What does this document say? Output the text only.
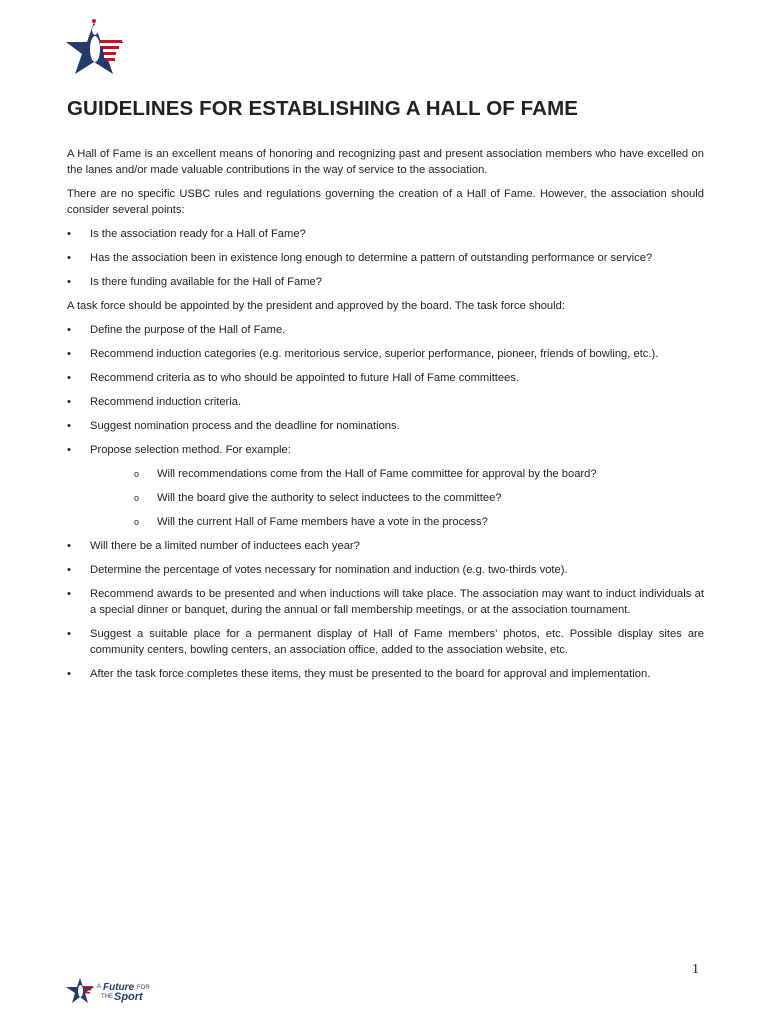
GUIDELINES FOR ESTABLISHING A HALL OF FAME

A Hall of Fame is an excellent means of honoring and recognizing past and present association members who have excelled on the lanes and/or made valuable contributions in the way of service to the association.

There are no specific USBC rules and regulations governing the creation of a Hall of Fame. However, the association should consider several points:

• Is the association ready for a Hall of Fame?
• Has the association been in existence long enough to determine a pattern of outstanding performance or service?
• Is there funding available for the Hall of Fame?

A task force should be appointed by the president and approved by the board. The task force should:

• Define the purpose of the Hall of Fame.
• Recommend induction categories (e.g. meritorious service, superior performance, pioneer, friends of bowling, etc.).
• Recommend criteria as to who should be appointed to future Hall of Fame committees.
• Recommend induction criteria.
• Suggest nomination process and the deadline for nominations.
• Propose selection method. For example:
o Will recommendations come from the Hall of Fame committee for approval by the board?
o Will the board give the authority to select inductees to the committee?
o Will the current Hall of Fame members have a vote in the process?
• Will there be a limited number of inductees each year?
• Determine the percentage of votes necessary for nomination and induction (e.g. two-thirds vote).
• Recommend awards to be presented and when inductions will take place. The association may want to induct individuals at a special dinner or banquet, during the annual or fall membership meetings, or at the association tournament.
• Suggest a suitable place for a permanent display of Hall of Fame members’ photos, etc. Possible display sites are community centers, bowling centers, an association office, added to the association website, etc.
• After the task force completes these items, they must be presented to the board for approval and implementation.
1
A Future FOR
THE Sport
